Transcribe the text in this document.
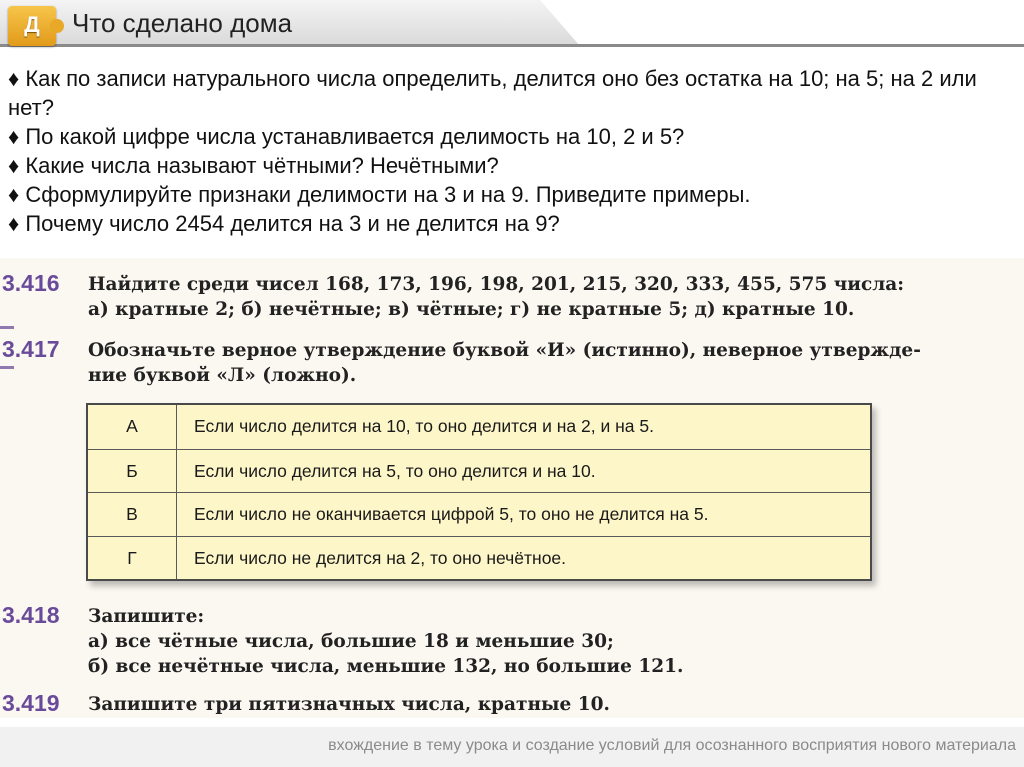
Д	Что сделано дома

♦ Как по записи натурального числа определить, делится оно без остатка на 10; на 5; на 2 или нет?

♦ По какой цифре числа устанавливается делимость на 10, 2 и 5?

♦ Какие числа называют чётными? Нечётными?

♦ Сформулируйте признаки делимости на 3 и на 9. Приведите примеры.

♦ Почему число 2454 делится на 3 и не делится на 9?

3.416 Найдите среди чисел 168, 173, 196, 198, 201, 215, 320, 333, 455, 575 числа:
а) кратные 2; б) нечётные; в) чётные; г) не кратные 5; д) кратные 10.
3.417 Обозначьте верное утверждение буквой «И» (истинно), неверное утвержде-
ние буквой «Л» (ложно).
А	Если число делится на 10, то оно делится и на 2, и на 5.
Б	Если число делится на 5, то оно делится и на 10.
В	Если число не оканчивается цифрой 5, то оно не делится на 5.
Г	Если число не делится на 2, то оно нечётное.
3.418 Запишите:
а) все чётные числа, большие 18 и меньшие 30;
б) все нечётные числа, меньшие 132, но большие 121.
3.419 Запишите три пятизначных числа, кратные 10.
вхождение в тему урока и создание условий для осознанного восприятия нового материала
